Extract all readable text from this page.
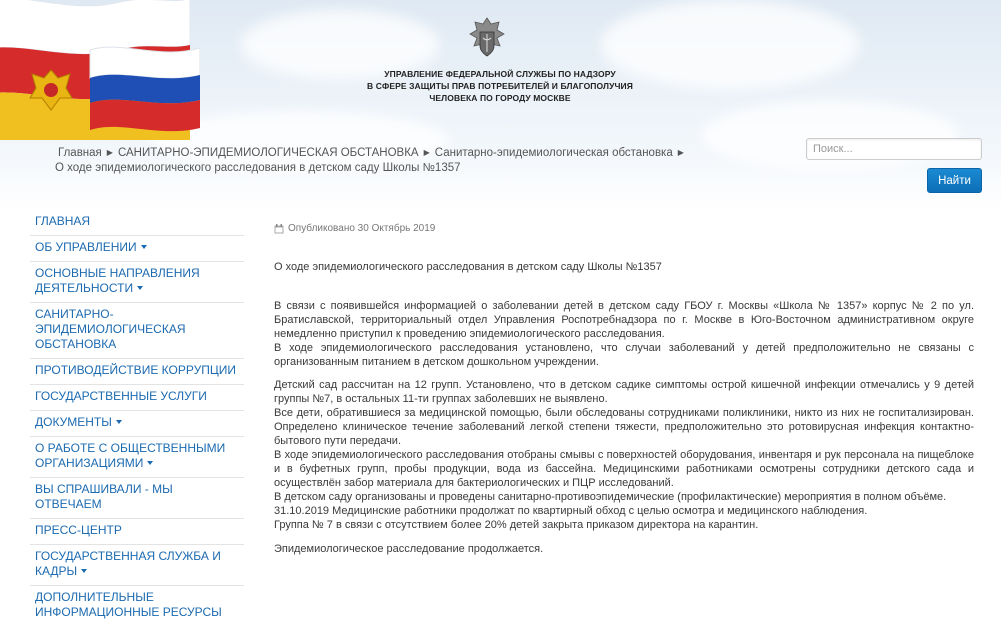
УПРАВЛЕНИЕ ФЕДЕРАЛЬНОЙ СЛУЖБЫ ПО НАДЗОРУ
В СФЕРЕ ЗАЩИТЫ ПРАВ ПОТРЕБИТЕЛЕЙ И БЛАГОПОЛУЧИЯ
ЧЕЛОВЕКА ПО ГОРОДУ МОСКВЕ
Главная ▶ САНИТАРНО-ЭПИДЕМИОЛОГИЧЕСКАЯ ОБСТАНОВКА ▶ Санитарно-эпидемиологическая обстановка ▶
О ходе эпидемиологического расследования в детском саду Школы №1357
Поиск...
Найти
ГЛАВНАЯ
ОБ УПРАВЛЕНИИ
ОСНОВНЫЕ НАПРАВЛЕНИЯ ДЕЯТЕЛЬНОСТИ
САНИТАРНО-ЭПИДЕМИОЛОГИЧЕСКАЯ ОБСТАНОВКА
ПРОТИВОДЕЙСТВИЕ КОРРУПЦИИ
ГОСУДАРСТВЕННЫЕ УСЛУГИ
ДОКУМЕНТЫ
О РАБОТЕ С ОБЩЕСТВЕННЫМИ ОРГАНИЗАЦИЯМИ
ВЫ СПРАШИВАЛИ - МЫ ОТВЕЧАЕМ
ПРЕСС-ЦЕНТР
ГОСУДАРСТВЕННАЯ СЛУЖБА И КАДРЫ
ДОПОЛНИТЕЛЬНЫЕ ИНФОРМАЦИОННЫЕ РЕСУРСЫ
Опубликовано 30 Октябрь 2019
О ходе эпидемиологического расследования в детском саду Школы №1357

В связи с появившейся информацией о заболевании детей в детском саду ГБОУ г. Москвы «Школа № 1357» корпус № 2 по ул. Братиславской, территориальный отдел Управления Роспотребнадзора по г. Москве в Юго-Восточном административном округе немедленно приступил к проведению эпидемиологического расследования.

В ходе эпидемиологического расследования установлено, что случаи заболеваний у детей предположительно не связаны с организованным питанием в детском дошкольном учреждении.

Детский сад рассчитан на 12 групп. Установлено, что в детском садике симптомы острой кишечной инфекции отмечались у 9 детей группы №7, в остальных 11-ти группах заболевших не выявлено.

Все дети, обратившиеся за медицинской помощью, были обследованы сотрудниками поликлиники, никто из них не госпитализирован. Определено клиническое течение заболеваний легкой степени тяжести, предположительно это ротовирусная инфекция контактно-бытового пути передачи.

В ходе эпидемиологического расследования отобраны смывы с поверхностей оборудования, инвентаря и рук персонала на пищеблоке и в буфетных групп, пробы продукции, вода из бассейна. Медицинскими работниками осмотрены сотрудники детского сада и осуществлён забор материала для бактериологических и ПЦР исследований.

В детском саду организованы и проведены санитарно-противоэпидемические (профилактические) мероприятия в полном объёме.

31.10.2019 Медицинские работники продолжат по квартирный обход с целью осмотра и медицинского наблюдения.

Группа № 7 в связи с отсутствием более 20% детей закрыта приказом директора на карантин.

Эпидемиологическое расследование продолжается.
